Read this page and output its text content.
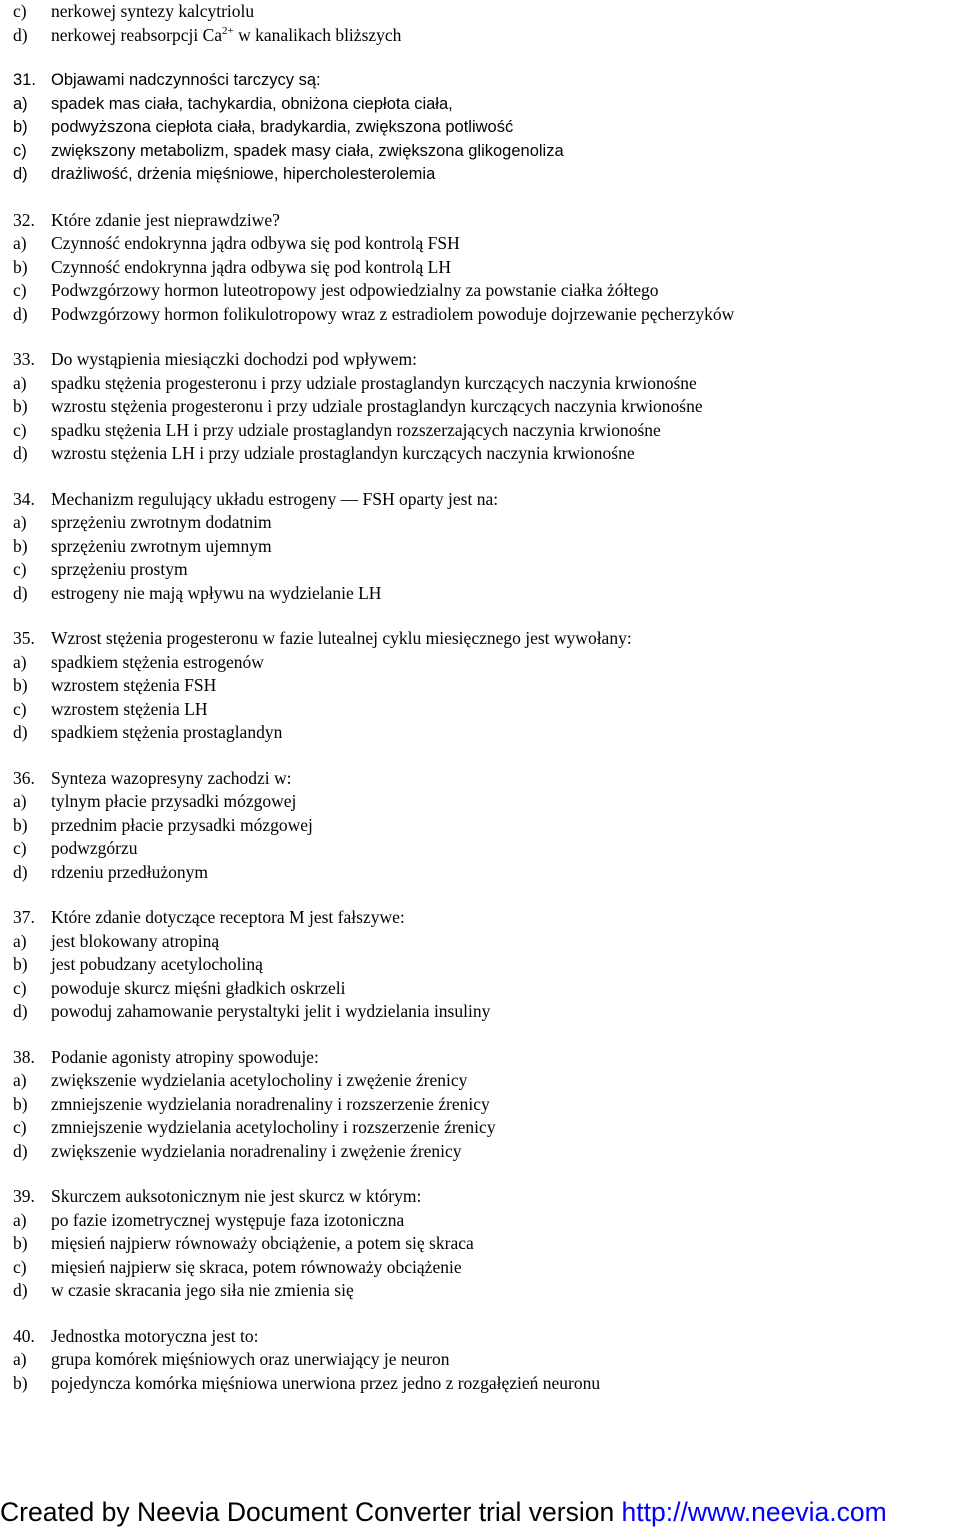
c)	nerkowej syntezy kalcytriolu
d)	nerkowej reabsorpcji $Ca^{2+}$ w kanalikach bliższych
31. Objawami nadczynności tarczycy są:
a)	spadek mas ciała, tachykardia, obniżona ciepłota ciała,
b)	podwyższona ciepłota ciała, bradykardia, zwiększona potliwość
c)	zwiększony metabolizm, spadek masy ciała, zwiększona glikogenoliza
d)	drażliwość, drżenia mięśniowe, hipercholesterolemia
32. Które zdanie jest nieprawdziwe?
a)	Czynność endokrynna jądra odbywa się pod kontrolą FSH
b)	Czynność endokrynna jądra odbywa się pod kontrolą LH
c)	Podwzgórzowy hormon luteotropowy jest odpowiedzialny za powstanie ciałka żółtego
d)	Podwzgórzowy hormon folikulotropowy wraz z estradiolem powoduje dojrzewanie pęcherzyków
33. Do wystąpienia miesiączki dochodzi pod wpływem:
a)	spadku stężenia progesteronu i przy udziale prostaglandyn kurczących naczynia krwionośne
b)	wzrostu stężenia progesteronu i przy udziale prostaglandyn kurczących naczynia krwionośne
c)	spadku stężenia LH i przy udziale prostaglandyn rozszerzających naczynia krwionośne
d)	wzrostu stężenia LH i przy udziale prostaglandyn kurczących naczynia krwionośne
34. Mechanizm regulujący układu estrogeny — FSH oparty jest na:
a)	sprzężeniu zwrotnym dodatnim
b)	sprzężeniu zwrotnym ujemnym
c)	sprzężeniu prostym
d)	estrogeny nie mają wpływu na wydzielanie LH
35. Wzrost stężenia progesteronu w fazie lutealnej cyklu miesięcznego jest wywołany:
a)	spadkiem stężenia estrogenów
b)	wzrostem stężenia FSH
c)	wzrostem stężenia LH
d)	spadkiem stężenia prostaglandyn
36. Synteza wazopresyny zachodzi w:
a)	tylnym płacie przysadki mózgowej
b)	przednim płacie przysadki mózgowej
c)	podwzgórzu
d)	rdzeniu przedłużonym
37. Które zdanie dotyczące receptora M jest fałszywe:
a)	jest blokowany atropiną
b)	jest pobudzany acetylocholiną
c)	powoduje skurcz mięśni gładkich oskrzeli
d)	powoduj zahamowanie perystaltyki jelit i wydzielania insuliny
38. Podanie agonisty atropiny spowoduje:
a)	zwiększenie wydzielania acetylocholiny i zwężenie źrenicy
b)	zmniejszenie wydzielania noradrenaliny i rozszerzenie źrenicy
c)	zmniejszenie wydzielania acetylocholiny i rozszerzenie źrenicy
d)	zwiększenie wydzielania noradrenaliny i zwężenie źrenicy
39. Skurczem auksotonicznym nie jest skurcz w którym:
a)	po fazie izometrycznej występuje faza izotoniczna
b)	mięsień najpierw równoważy obciążenie, a potem się skraca
c)	mięsień najpierw się skraca, potem równoważy obciążenie
d)	w czasie skracania jego siła nie zmienia się
40. Jednostka motoryczna jest to:
a)	grupa komórek mięśniowych oraz unerwiający je neuron
b)	pojedyncza komórka mięśniowa unerwiona przez jedno z rozgałęzień neuronu
Created by Neevia Document Converter trial version http://www.neevia.com
